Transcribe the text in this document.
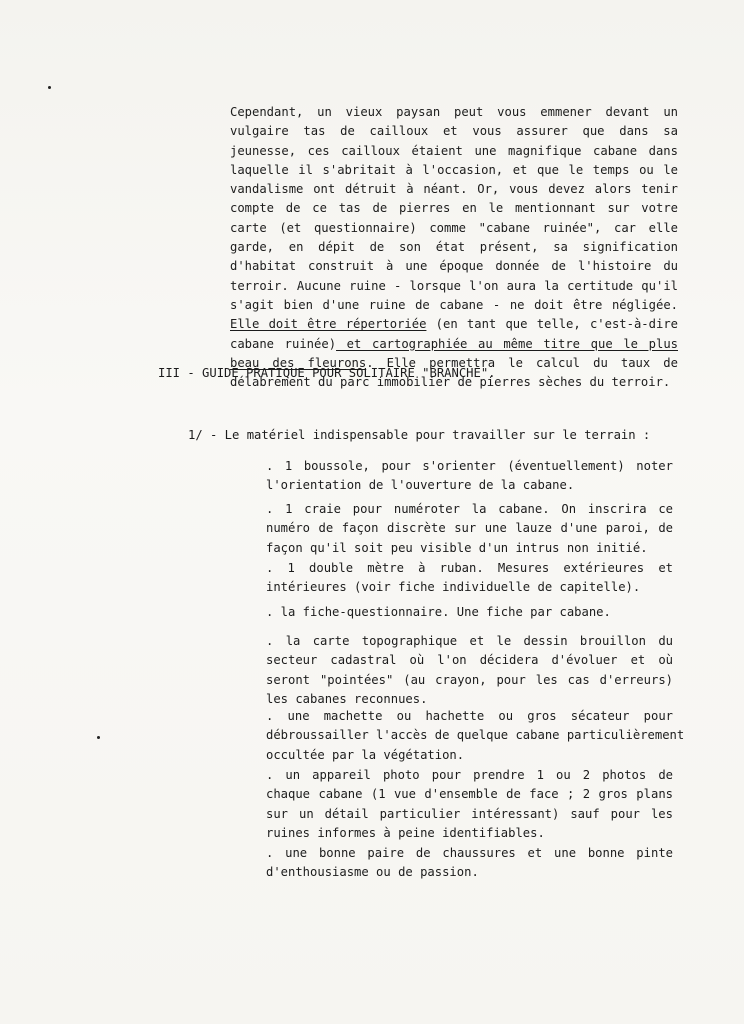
Cependant, un vieux paysan peut vous emmener devant un
vulgaire tas de cailloux et vous assurer que dans sa
jeunesse, ces cailloux étaient une magnifique cabane dans
laquelle il s'abritait à l'occasion, et que le temps ou le
vandalisme ont détruit à néant. Or, vous devez alors tenir
compte de ce tas de pierres en le mentionnant sur votre
carte (et questionnaire) comme "cabane ruinée", car elle
garde, en dépit de son état présent, sa signification
d'habitat construit à une époque donnée de l'histoire du
terroir. Aucune ruine - lorsque l'on aura la certitude qu'il
s'agit bien d'une ruine de cabane - ne doit être négligée.
Elle doit être répertoriée (en tant que telle, c'est-à-dire
cabane ruinée) et cartographiée au même titre que le plus
beau des fleurons. Elle permettra le calcul du taux de
délabrement du parc immobilier de pierres sèches du terroir.
III - GUIDE PRATIQUE POUR SOLITAIRE "BRANCHE".
1/ - Le matériel indispensable pour travailler sur le terrain :
. 1 boussole, pour s'orienter (éventuellement) noter
l'orientation de l'ouverture de la cabane.
. 1 craie pour numéroter la cabane. On inscrira ce
numéro de façon discrète sur une lauze d'une paroi, de
façon qu'il soit peu visible d'un intrus non initié.
. 1 double mètre à ruban. Mesures extérieures et
intérieures (voir fiche individuelle de capitelle).
. la fiche-questionnaire. Une fiche par cabane.
. la carte topographique et le dessin brouillon du
secteur cadastral où l'on décidera d'évoluer et où
seront "pointées" (au crayon, pour les cas d'erreurs)
les cabanes reconnues.
. une machette ou hachette ou gros sécateur pour
débroussailler l'accès de quelque cabane particulièrement
occultée par la végétation.
. un appareil photo pour prendre 1 ou 2 photos de
chaque cabane (1 vue d'ensemble de face ; 2 gros plans
sur un détail particulier intéressant) sauf pour les
ruines informes à peine identifiables.
. une bonne paire de chaussures et une bonne pinte
d'enthousiasme ou de passion.
